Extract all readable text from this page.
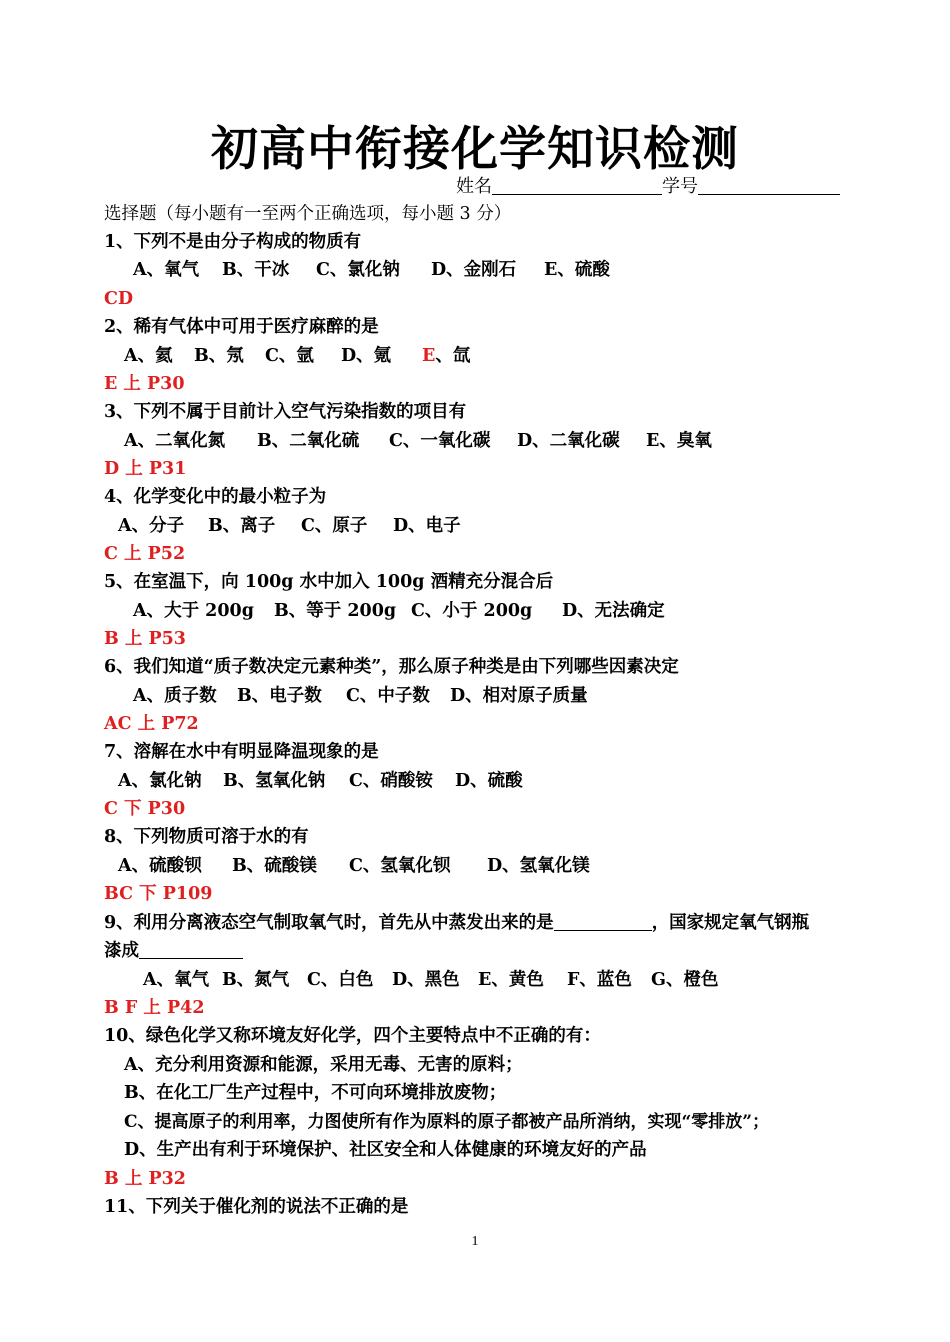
初高中衔接化学知识检测
姓名	学号
选择题（每小题有一至两个正确选项，每小题 3 分）
1、下列不是由分子构成的物质有
A、氧气 B、干冰 C、氯化钠 D、金刚石 E、硫酸
CD
2、稀有气体中可用于医疗麻醉的是
A、氦 B、氖 C、氩 D、氪 E、氙
E 上 P30
3、下列不属于目前计入空气污染指数的项目有
A、二氧化氮 B、二氧化硫 C、一氧化碳 D、二氧化碳 E、臭氧
D 上 P31
4、化学变化中的最小粒子为
A、分子 B、离子 C、原子 D、电子
C 上 P52
5、在室温下，向 100g 水中加入 100g 酒精充分混合后
A、大于 200g B、等于 200g C、小于 200g D、无法确定
B 上 P53
6、我们知道“质子数决定元素种类”，那么原子种类是由下列哪些因素决定
A、质子数 B、电子数 C、中子数 D、相对原子质量
AC 上 P72
7、溶解在水中有明显降温现象的是
A、氯化钠 B、氢氧化钠 C、硝酸铵 D、硫酸
C 下 P30
8、下列物质可溶于水的有
A、硫酸钡 B、硫酸镁 C、氢氧化钡 D、氢氧化镁
BC 下 P109
9、利用分离液态空气制取氧气时，首先从中蒸发出来的是	，国家规定氧气钢瓶
漆成
A、氧气 B、氮气 C、白色 D、黑色 E、黄色 F、蓝色 G、橙色
B F 上 P42
10、绿色化学又称环境友好化学，四个主要特点中不正确的有：
A、充分利用资源和能源，采用无毒、无害的原料；
B、在化工厂生产过程中，不可向环境排放废物；
C、提高原子的利用率，力图使所有作为原料的原子都被产品所消纳，实现“零排放”；
D、生产出有利于环境保护、社区安全和人体健康的环境友好的产品
B 上 P32
11、下列关于催化剂的说法不正确的是
1
